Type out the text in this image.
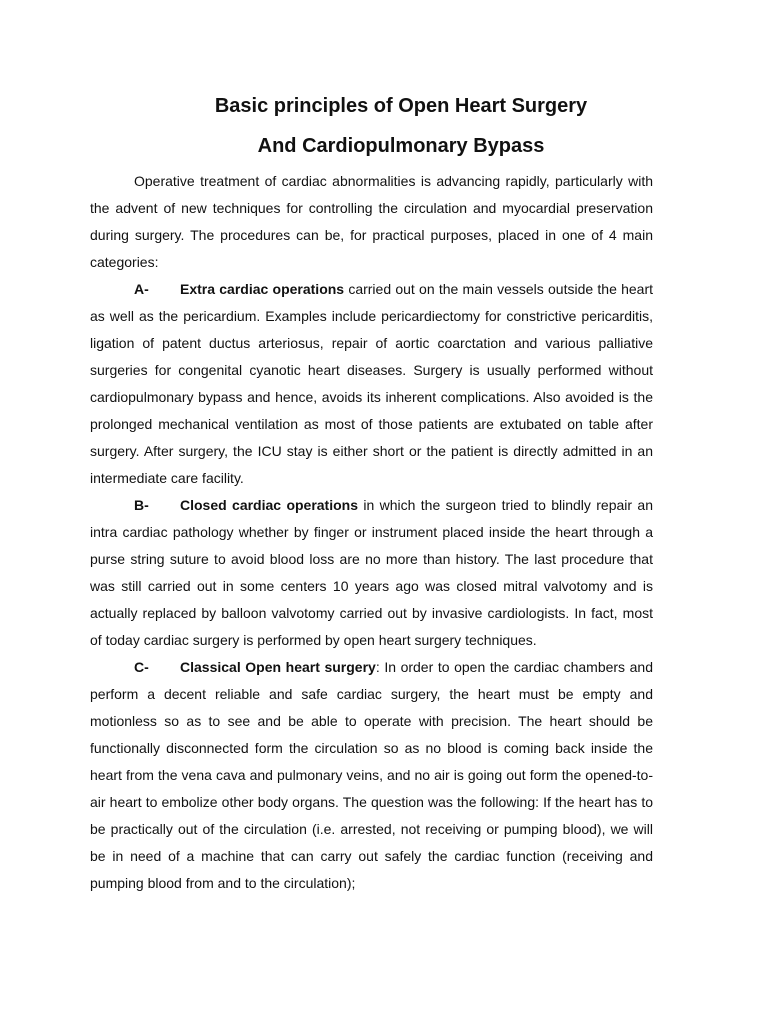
Basic principles of Open Heart Surgery
And Cardiopulmonary Bypass

Operative treatment of cardiac abnormalities is advancing rapidly, particularly with the advent of new techniques for controlling the circulation and myocardial preservation during surgery. The procedures can be, for practical purposes, placed in one of 4 main categories:

A- Extra cardiac operations carried out on the main vessels outside the heart as well as the pericardium. Examples include pericardiectomy for constrictive pericarditis, ligation of patent ductus arteriosus, repair of aortic coarctation and various palliative surgeries for congenital cyanotic heart diseases. Surgery is usually performed without cardiopulmonary bypass and hence, avoids its inherent complications. Also avoided is the prolonged mechanical ventilation as most of those patients are extubated on table after surgery. After surgery, the ICU stay is either short or the patient is directly admitted in an intermediate care facility.

B- Closed cardiac operations in which the surgeon tried to blindly repair an intra cardiac pathology whether by finger or instrument placed inside the heart through a purse string suture to avoid blood loss are no more than history. The last procedure that was still carried out in some centers 10 years ago was closed mitral valvotomy and is actually replaced by balloon valvotomy carried out by invasive cardiologists. In fact, most of today cardiac surgery is performed by open heart surgery techniques.

C- Classical Open heart surgery: In order to open the cardiac chambers and perform a decent reliable and safe cardiac surgery, the heart must be empty and motionless so as to see and be able to operate with precision. The heart should be functionally disconnected form the circulation so as no blood is coming back inside the heart from the vena cava and pulmonary veins, and no air is going out form the opened-to-air heart to embolize other body organs. The question was the following: If the heart has to be practically out of the circulation (i.e. arrested, not receiving or pumping blood), we will be in need of a machine that can carry out safely the cardiac function (receiving and pumping blood from and to the circulation);
